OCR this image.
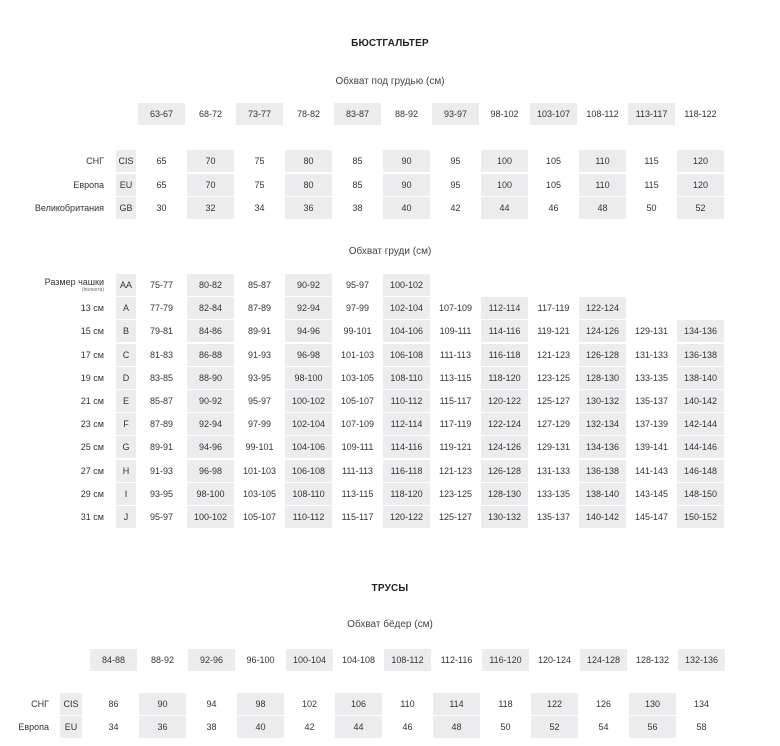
БЮСТГАЛЬТЕР
Обхват под грудью (см)
63-67	68-72	73-77	78-82	83-87	88-92	93-97	98-102	103-107	108-112	113-117	118-122
СНГ CIS	65	70	75	80	85	90	95	100	105	110	115	120
Европа	EU	65	70	75	80	85	90	95	100	105	110	115	120
Великобритания	GB	30	32	34	36	38	40	42	44	46	48	50	52
Обхват груди (см)
Размер чашки
(полнота)	AA	75-77	80-82	85-87	90-92	95-97	100-102
13 см	A	77-79	82-84	87-89	92-94	97-99	102-104	107-109	112-114	117-119	122-124
15 см	B	79-81	84-86	89-91	94-96	99-101	104-106	109-111	114-116	119-121	124-126	129-131	134-136
17 см	C	81-83	86-88	91-93	96-98	101-103	106-108	111-113	116-118	121-123	126-128	131-133	136-138
19 см	D	83-85	88-90	93-95	98-100	103-105	108-110	113-115	118-120	123-125	128-130	133-135	138-140
21 см	E	85-87	90-92	95-97	100-102	105-107	110-112	115-117	120-122	125-127	130-132	135-137	140-142
23 см	F	87-89	92-94	97-99	102-104	107-109	112-114	117-119	122-124	127-129	132-134	137-139	142-144
25 см	G	89-91	94-96	99-101	104-106	109-111	114-116	119-121	124-126	129-131	134-136	139-141	144-146
27 см	H	91-93	96-98	101-103	106-108	111-113	116-118	121-123	126-128	131-133	136-138	141-143	146-148
29 см	I	93-95	98-100	103-105	108-110	113-115	118-120	123-125	128-130	133-135	138-140	143-145	148-150
31 см	J	95-97	100-102	105-107	110-112	115-117	120-122	125-127	130-132	135-137	140-142	145-147	150-152
ТРУСЫ
Обхват бёдер (см)
84-88	88-92	92-96	96-100	100-104	104-108	108-112	112-116	116-120	120-124	124-128	128-132	132-136
СНГ	CIS	86	90	94	98	102	106	110	114	118	122	126	130	134
Европа	EU	34	36	38	40	42	44	46	48	50	52	54	56	58
